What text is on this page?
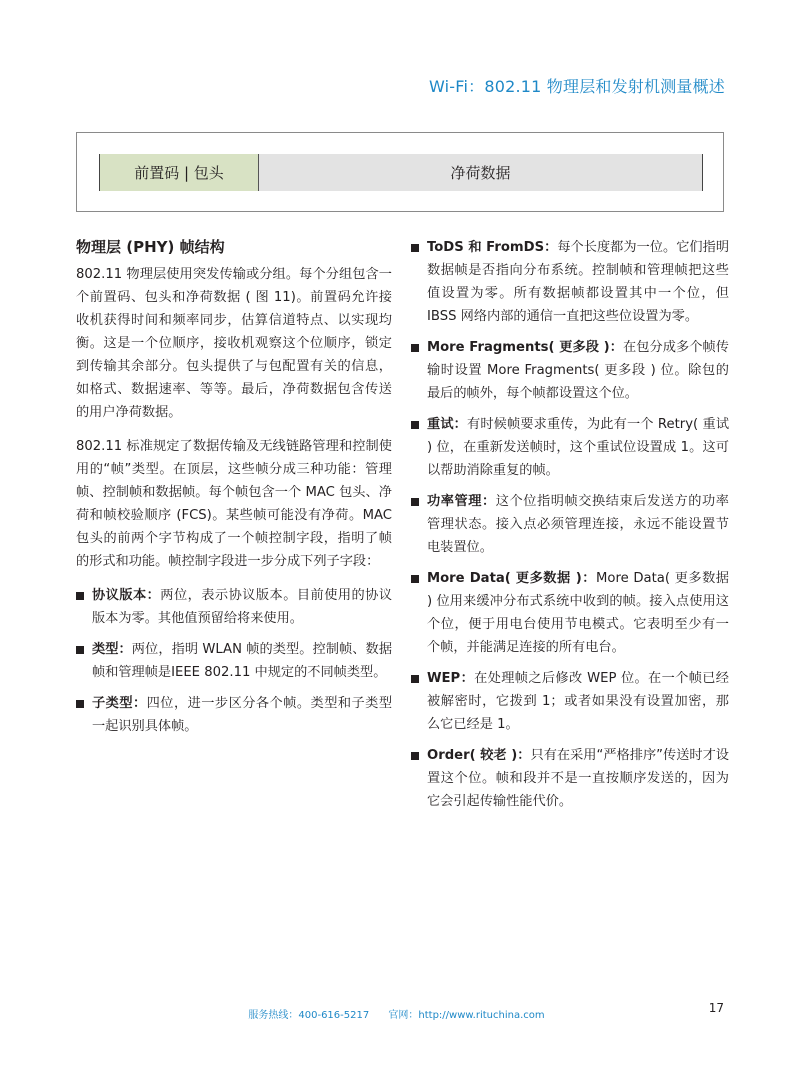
Wi-Fi：802.11 物理层和发射机测量概述
前置码 | 包头	净荷数据
物理层 (PHY) 帧结构

802.11 物理层使用突发传输或分组。每个分组包含一个前置码、包头和净荷数据 ( 图 11)。前置码允许接收机获得时间和频率同步，估算信道特点、以实现均衡。这是一个位顺序，接收机观察这个位顺序，锁定到传输其余部分。包头提供了与包配置有关的信息，如格式、数据速率、等等。最后，净荷数据包含传送的用户净荷数据。

802.11 标准规定了数据传输及无线链路管理和控制使用的“帧”类型。在顶层，这些帧分成三种功能：管理帧、控制帧和数据帧。每个帧包含一个 MAC 包头、净荷和帧校验顺序 (FCS)。某些帧可能没有净荷。MAC 包头的前两个字节构成了一个帧控制字段，指明了帧的形式和功能。帧控制字段进一步分成下列子字段：

协议版本：两位，表示协议版本。目前使用的协议版本为零。其他值预留给将来使用。
类型：两位，指明 WLAN 帧的类型。控制帧、数据帧和管理帧是IEEE 802.11 中规定的不同帧类型。
子类型：四位，进一步区分各个帧。类型和子类型一起识别具体帧。
ToDS 和 FromDS：每个长度都为一位。它们指明数据帧是否指向分布系统。控制帧和管理帧把这些值设置为零。所有数据帧都设置其中一个位，但 IBSS 网络内部的通信一直把这些位设置为零。
More Fragments( 更多段 )：在包分成多个帧传输时设置 More Fragments( 更多段 ) 位。除包的最后的帧外，每个帧都设置这个位。
重试：有时候帧要求重传，为此有一个 Retry( 重试 ) 位，在重新发送帧时，这个重试位设置成 1。这可以帮助消除重复的帧。
功率管理：这个位指明帧交换结束后发送方的功率管理状态。接入点必须管理连接，永远不能设置节电装置位。
More Data( 更多数据 )：More Data( 更多数据 ) 位用来缓冲分布式系统中收到的帧。接入点使用这个位，便于用电台使用节电模式。它表明至少有一个帧，并能满足连接的所有电台。
WEP：在处理帧之后修改 WEP 位。在一个帧已经被解密时，它拨到 1；或者如果没有设置加密，那么它已经是 1。
Order( 较老 )：只有在采用“严格排序”传送时才设置这个位。帧和段并不是一直按顺序发送的，因为它会引起传输性能代价。
服务热线：400-616-5217 官网：http://www.rituchina.com
17
